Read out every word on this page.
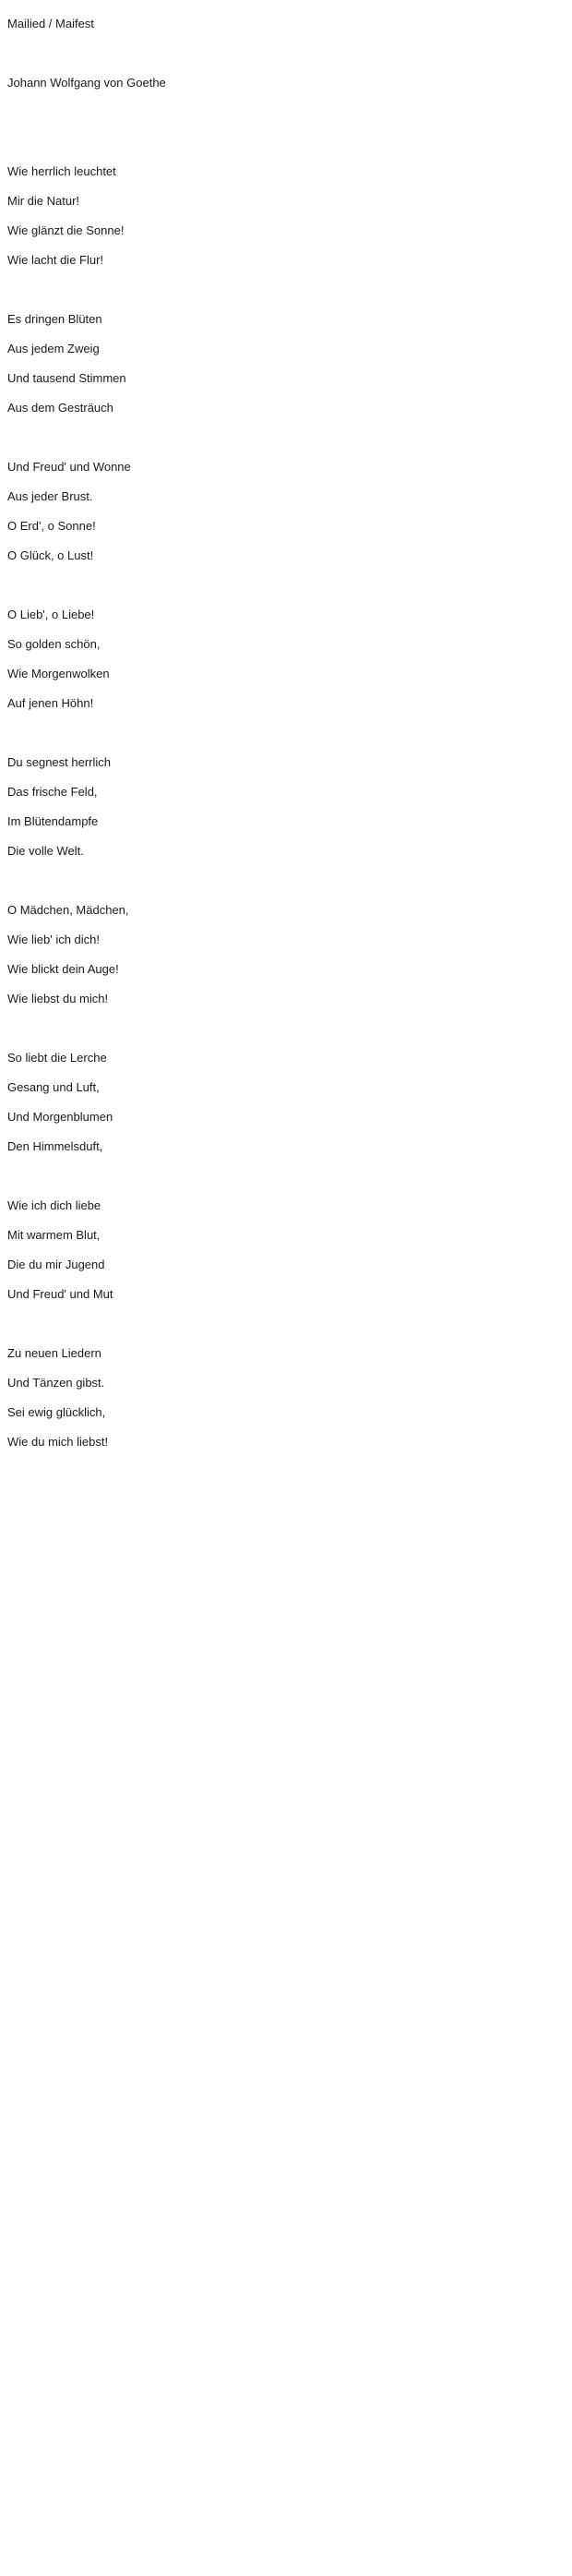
Mailied / Maifest
Johann Wolfgang von Goethe
Wie herrlich leuchtet
Mir die Natur!
Wie glänzt die Sonne!
Wie lacht die Flur!
Es dringen Blüten
Aus jedem Zweig
Und tausend Stimmen
Aus dem Gesträuch
Und Freud' und Wonne
Aus jeder Brust.
O Erd', o Sonne!
O Glück, o Lust!
O Lieb', o Liebe!
So golden schön,
Wie Morgenwolken
Auf jenen Höhn!
Du segnest herrlich
Das frische Feld,
Im Blütendampfe
Die volle Welt.
O Mädchen, Mädchen,
Wie lieb' ich dich!
Wie blickt dein Auge!
Wie liebst du mich!
So liebt die Lerche
Gesang und Luft,
Und Morgenblumen
Den Himmelsduft,
Wie ich dich liebe
Mit warmem Blut,
Die du mir Jugend
Und Freud' und Mut
Zu neuen Liedern
Und Tänzen gibst.
Sei ewig glücklich,
Wie du mich liebst!
